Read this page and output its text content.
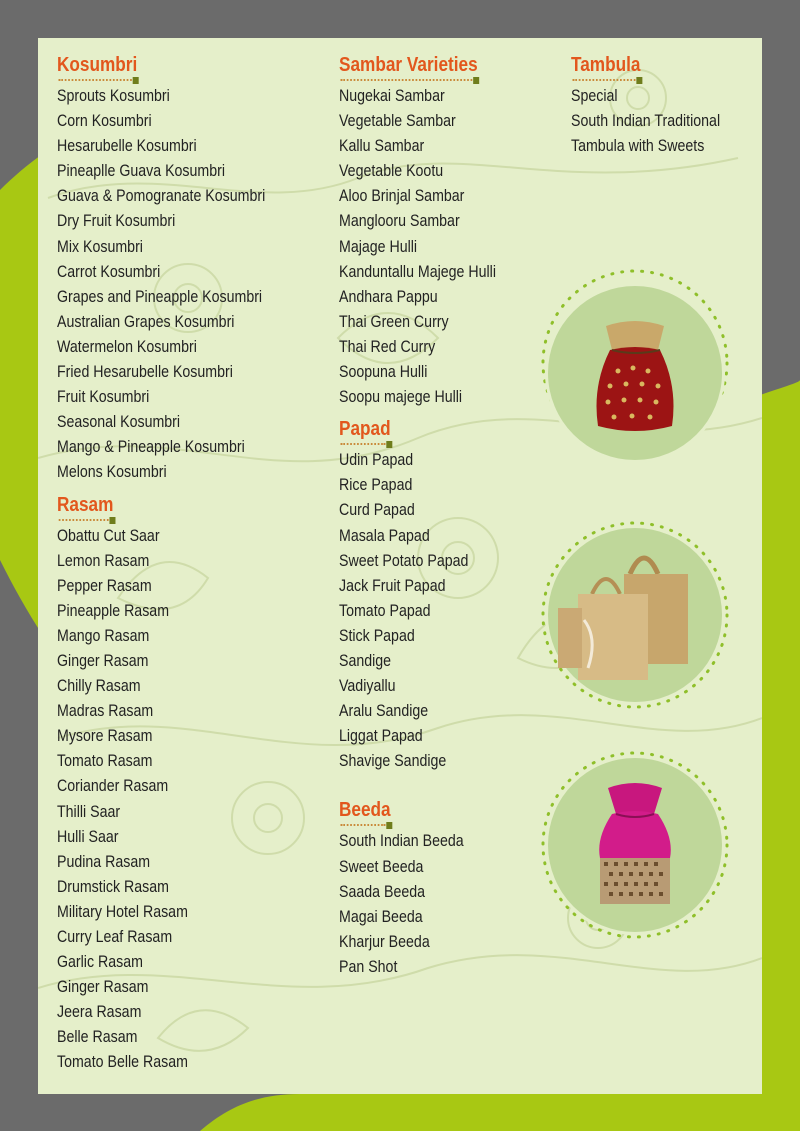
Kosumbri
Sprouts Kosumbri
Corn Kosumbri
Hesarubelle Kosumbri
Pineaplle Guava Kosumbri
Guava & Pomogranate Kosumbri
Dry Fruit Kosumbri
Mix Kosumbri
Carrot Kosumbri
Grapes and Pineapple Kosumbri
Australian Grapes Kosumbri
Watermelon Kosumbri
Fried Hesarubelle Kosumbri
Fruit Kosumbri
Seasonal Kosumbri
Mango & Pineapple Kosumbri
Melons Kosumbri
Rasam
Obattu Cut Saar
Lemon Rasam
Pepper Rasam
Pineapple Rasam
Mango Rasam
Ginger Rasam
Chilly Rasam
Madras Rasam
Mysore Rasam
Tomato Rasam
Coriander Rasam
Thilli Saar
Hulli Saar
Pudina Rasam
Drumstick Rasam
Military Hotel Rasam
Curry Leaf Rasam
Garlic Rasam
Ginger Rasam
Jeera Rasam
Belle Rasam
Tomato Belle Rasam
Sambar Varieties
Nugekai Sambar
Vegetable Sambar
Kallu Sambar
Vegetable Kootu
Aloo Brinjal Sambar
Manglooru Sambar
Majage Hulli
Kanduntallu Majege Hulli
Andhara Pappu
Thai Green Curry
Thai Red Curry
Soopuna Hulli
Soopu majege Hulli
Papad
Udin Papad
Rice Papad
Curd Papad
Masala Papad
Sweet Potato Papad
Jack Fruit Papad
Tomato Papad
Stick Papad
Sandige
Vadiyallu
Aralu Sandige
Liggat Papad
Shavige Sandige
Beeda
South Indian Beeda
Sweet Beeda
Saada Beeda
Magai Beeda
Kharjur Beeda
Pan Shot
Tambula
Special
South Indian Traditional
Tambula with Sweets
